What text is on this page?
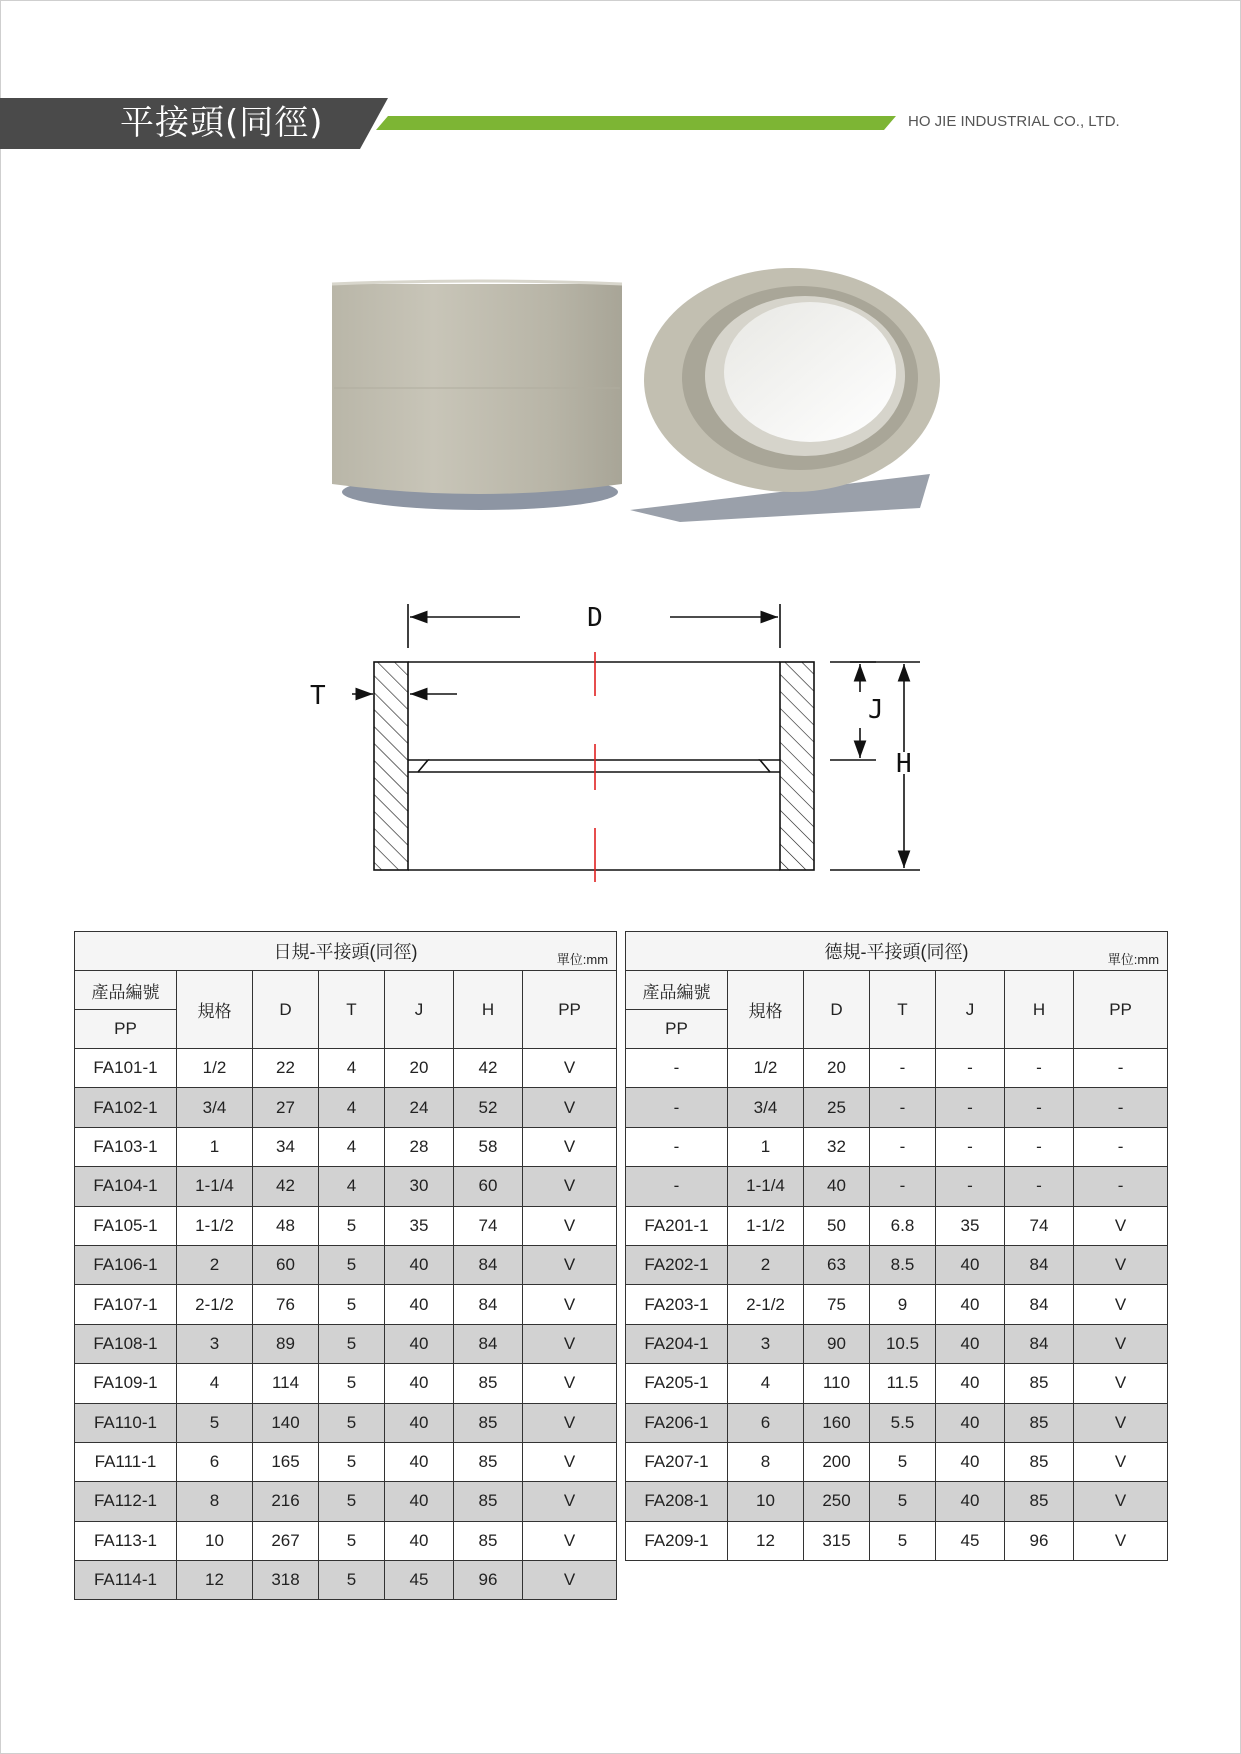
平接頭(同徑)	HO JIE INDUSTRIAL CO., LTD.
D
T	J
H
日規-平接頭(同徑) 單位:mm						

產品編號	規格	D	T	J	H	PP
PP						
FA101-1	1/2	22	4	20	42	V
FA102-1	3/4	27	4	24	52	V
FA103-1	1	34	4	28	58	V
FA104-1	1-1/4	42	4	30	60	V
FA105-1	1-1/2	48	5	35	74	V
FA106-1	2	60	5	40	84	V
FA107-1	2-1/2	76	5	40	84	V
FA108-1	3	89	5	40	84	V
FA109-1	4	114	5	40	85	V
FA110-1	5	140	5	40	85	V
FA111-1	6	165	5	40	85	V
FA112-1	8	216	5	40	85	V
FA113-1	10	267	5	40	85	V
FA114-1	12	318	5	45	96	V
德規-平接頭(同徑) 單位:mm						

產品編號	規格	D	T	J	H	PP
PP						
-	1/2	20	-	-	-	-
-	3/4	25	-	-	-	-
-	1	32	-	-	-	-
-	1-1/4	40	-	-	-	-
FA201-1	1-1/2	50	6.8	35	74	V
FA202-1	2	63	8.5	40	84	V
FA203-1	2-1/2	75	9	40	84	V
FA204-1	3	90	10.5	40	84	V
FA205-1	4	110	11.5	40	85	V
FA206-1	6	160	5.5	40	85	V
FA207-1	8	200	5	40	85	V
FA208-1	10	250	5	40	85	V
FA209-1	12	315	5	45	96	V
